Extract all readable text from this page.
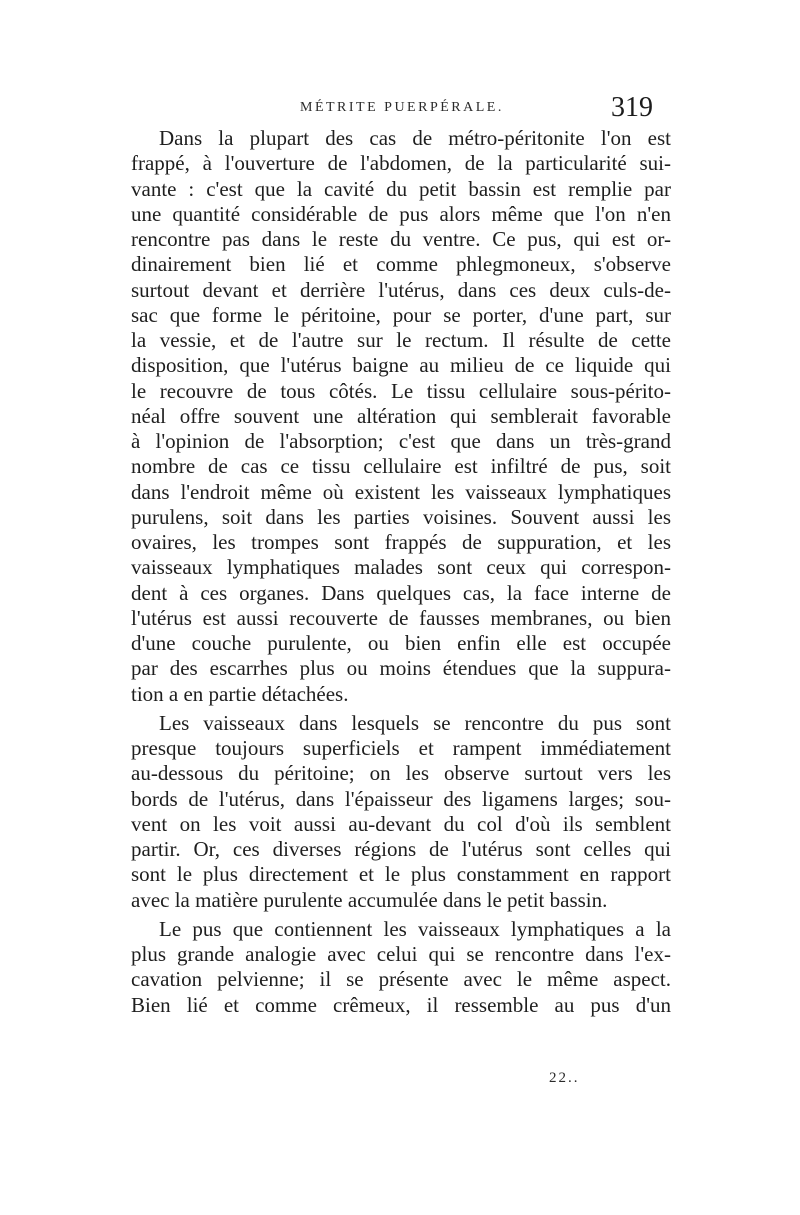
MÉTRITE PUERPÉRALE.	319
Dans la plupart des cas de métro-péritonite l'on est
frappé, à l'ouverture de l'abdomen, de la particularité sui-
vante : c'est que la cavité du petit bassin est remplie par
une quantité considérable de pus alors même que l'on n'en
rencontre pas dans le reste du ventre. Ce pus, qui est or-
dinairement bien lié et comme phlegmoneux, s'observe
surtout devant et derrière l'utérus, dans ces deux culs-de-
sac que forme le péritoine, pour se porter, d'une part, sur
la vessie, et de l'autre sur le rectum. Il résulte de cette
disposition, que l'utérus baigne au milieu de ce liquide qui
le recouvre de tous côtés. Le tissu cellulaire sous-périto-
néal offre souvent une altération qui semblerait favorable
à l'opinion de l'absorption; c'est que dans un très-grand
nombre de cas ce tissu cellulaire est infiltré de pus, soit
dans l'endroit même où existent les vaisseaux lymphatiques
purulens, soit dans les parties voisines. Souvent aussi les
ovaires, les trompes sont frappés de suppuration, et les
vaisseaux lymphatiques malades sont ceux qui correspon-
dent à ces organes. Dans quelques cas, la face interne de
l'utérus est aussi recouverte de fausses membranes, ou bien
d'une couche purulente, ou bien enfin elle est occupée
par des escarrhes plus ou moins étendues que la suppura-
tion a en partie détachées.
Les vaisseaux dans lesquels se rencontre du pus sont
presque toujours superficiels et rampent immédiatement
au-dessous du péritoine; on les observe surtout vers les
bords de l'utérus, dans l'épaisseur des ligamens larges; sou-
vent on les voit aussi au-devant du col d'où ils semblent
partir. Or, ces diverses régions de l'utérus sont celles qui
sont le plus directement et le plus constamment en rapport
avec la matière purulente accumulée dans le petit bassin.
Le pus que contiennent les vaisseaux lymphatiques a la
plus grande analogie avec celui qui se rencontre dans l'ex-
cavation pelvienne; il se présente avec le même aspect.
Bien lié et comme crêmeux, il ressemble au pus d'un
22..
